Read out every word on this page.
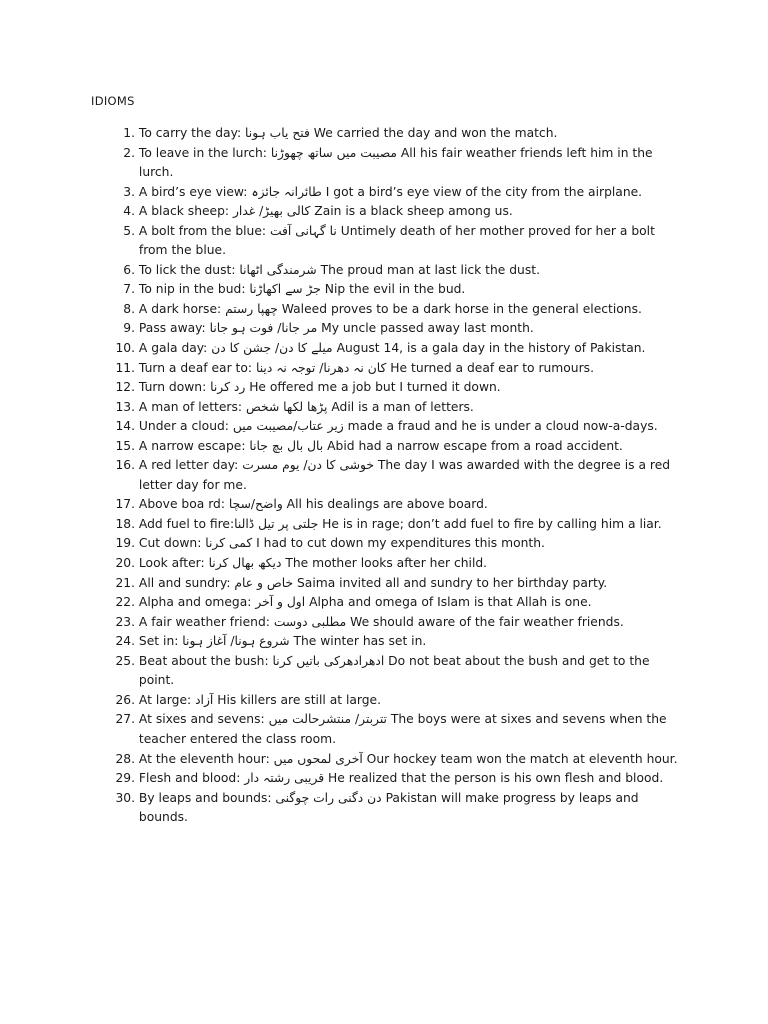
IDIOMS
1.
To carry the day: فتح یاب ہونا We carried the day and won the match.
2.
To leave in the lurch: مصیبت میں ساتھ چھوڑنا All his fair weather friends left him in the lurch.
3.
A bird’s eye view: طائرانہ جائزہ I got a bird’s eye view of the city from the airplane.
4.
A black sheep: کالی بھیڑ/ غدار Zain is a black sheep among us.
5.
A bolt from the blue: نا گہانی آفت Untimely death of her mother proved for her a bolt from the blue.
6.
To lick the dust: شرمندگی اٹھانا The proud man at last lick the dust.
7.
To nip in the bud: جڑ سے اکھاڑنا Nip the evil in the bud.
8.
A dark horse: چھپا رستم Waleed proves to be a dark horse in the general elections.
9.
Pass away: مر جانا/ فوت ہو جانا My uncle passed away last month.
10.
A gala day: میلے کا دن/ جشن کا دن August 14, is a gala day in the history of Pakistan.
11.
Turn a deaf ear to: کان نہ دھرنا/ توجہ نہ دینا He turned a deaf ear to rumours.
12.
Turn down: رد کرنا He offered me a job but I turned it down.
13.
A man of letters: پڑھا لکھا شخص Adil is a man of letters.
14.
Under a cloud: زیر عتاب/مصیبت میں made a fraud and he is under a cloud now-a-days.
15.
A narrow escape: بال بال بچ جانا Abid had a narrow escape from a road accident.
16.
A red letter day: خوشی کا دن/ یوم مسرت The day I was awarded with the degree is a red letter day for me.
17.
Above boa rd: واضح/سچا All his dealings are above board.
18.
Add fuel to fire:جلتی پر تیل ڈالنا He is in rage; don’t add fuel to fire by calling him a liar.
19.
Cut down: کمی کرنا I had to cut down my expenditures this month.
20.
Look after: دیکھ بھال کرنا The mother looks after her child.
21.
All and sundry: خاص و عام Saima invited all and sundry to her birthday party.
22.
Alpha and omega: اول و آخر Alpha and omega of Islam is that Allah is one.
23.
A fair weather friend: مطلبی دوست We should aware of the fair weather friends.
24.
Set in: شروع ہونا/ آغاز ہونا The winter has set in.
25.
Beat about the bush: ادھرادھرکی باتیں کرنا Do not beat about the bush and get to the point.
26.
At large: آزاد His killers are still at large.
27.
At sixes and sevens: تتربتر/ منتشرحالت میں The boys were at sixes and sevens when the teacher entered the class room.
28.
At the eleventh hour: آخری لمحوں میں Our hockey team won the match at eleventh hour.
29.
Flesh and blood: قریبی رشتہ دار He realized that the person is his own flesh and blood.
30.
By leaps and bounds: دن دگنی رات چوگنی Pakistan will make progress by leaps and bounds.
